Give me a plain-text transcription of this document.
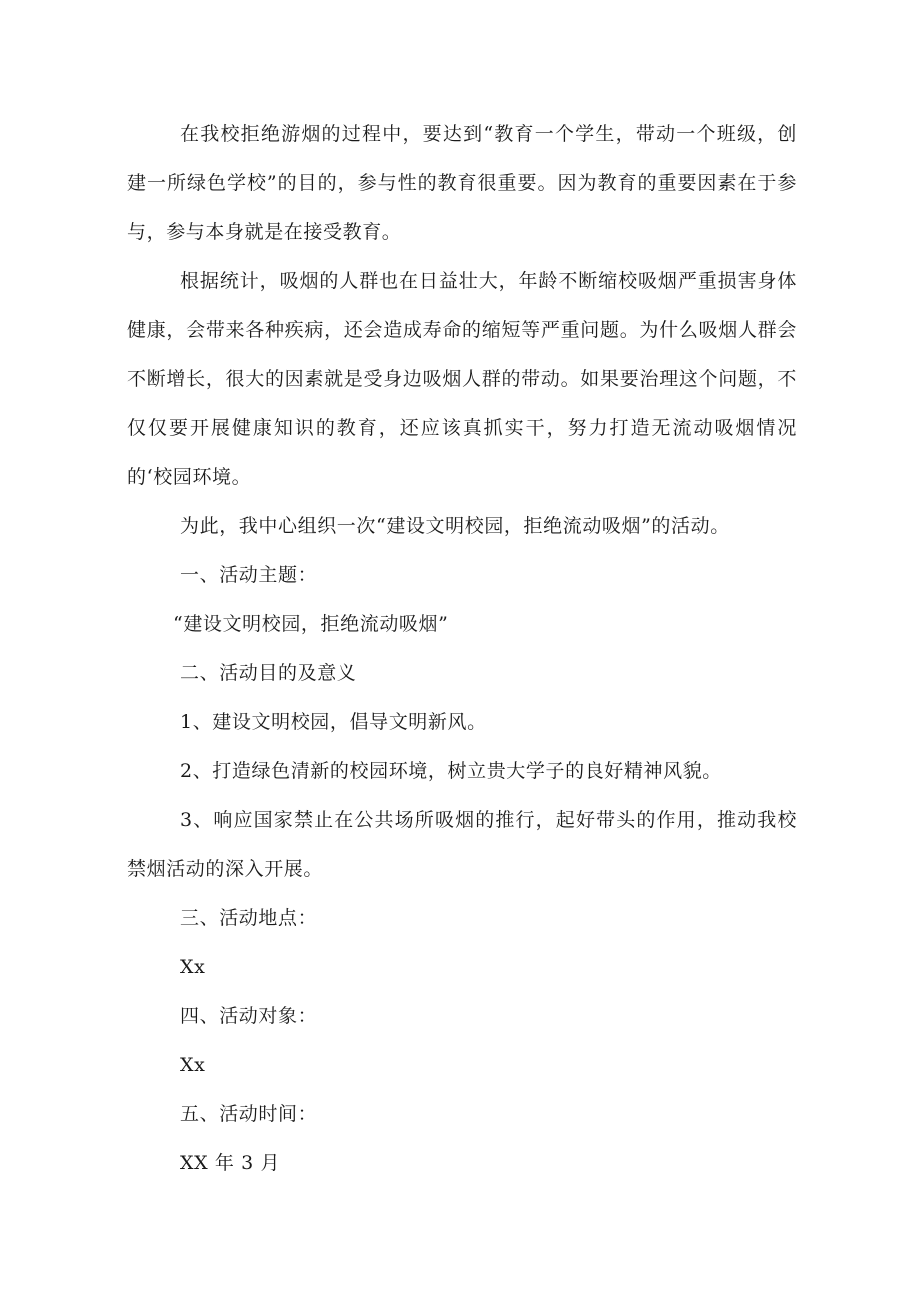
在我校拒绝游烟的过程中，要达到“教育一个学生，带动一个班级，创建一所绿色学校”的目的，参与性的教育很重要。因为教育的重要因素在于参与，参与本身就是在接受教育。

根据统计，吸烟的人群也在日益壮大，年龄不断缩校吸烟严重损害身体健康，会带来各种疾病，还会造成寿命的缩短等严重问题。为什么吸烟人群会不断增长，很大的因素就是受身边吸烟人群的带动。如果要治理这个问题，不仅仅要开展健康知识的教育，还应该真抓实干，努力打造无流动吸烟情况的‘校园环境。

为此，我中心组织一次“建设文明校园，拒绝流动吸烟”的活动。

一、活动主题：

“建设文明校园，拒绝流动吸烟”

二、活动目的及意义

1、建设文明校园，倡导文明新风。

2、打造绿色清新的校园环境，树立贵大学子的良好精神风貌。

3、响应国家禁止在公共场所吸烟的推行，起好带头的作用，推动我校禁烟活动的深入开展。

三、活动地点：

Xx

四、活动对象：

Xx

五、活动时间：

XX 年 3 月
